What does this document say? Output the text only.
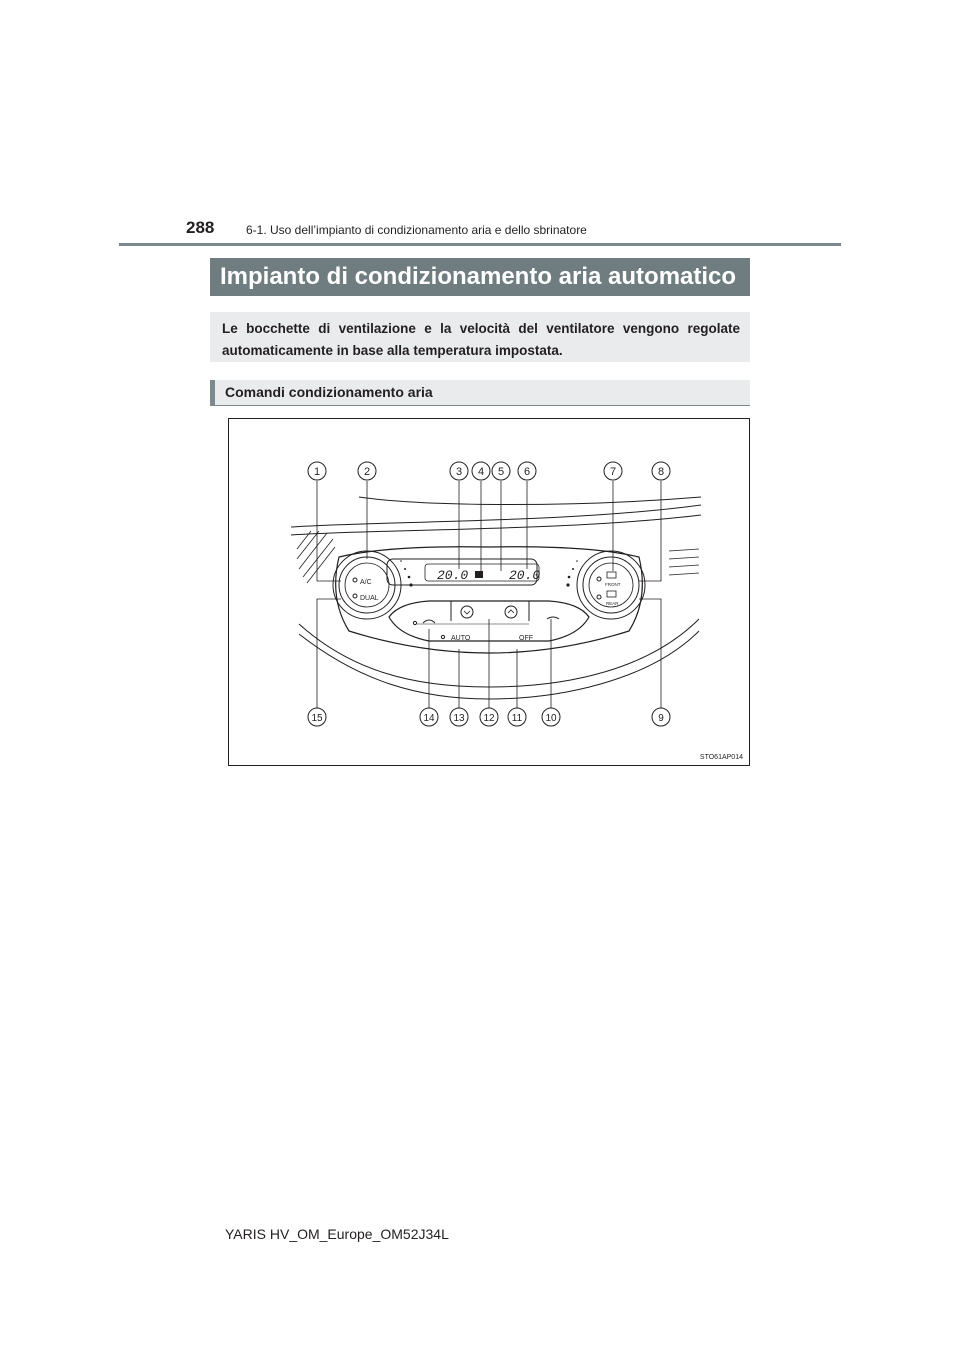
288	6-1. Uso dell’impianto di condizionamento aria e dello sbrinatore
Impianto di condizionamento aria automatico
Le bocchette di ventilazione e la velocità del ventilatore vengono regolate automaticamente in base alla temperatura impostata.
Comandi condizionamento aria
20.0	20.0
A/C
DUAL
FRONT
REAR
AUTO	OFF
1	2	3 4 5 6	7	8
15	14 13 12 11 10	9
STO61AP014
YARIS HV_OM_Europe_OM52J34L
